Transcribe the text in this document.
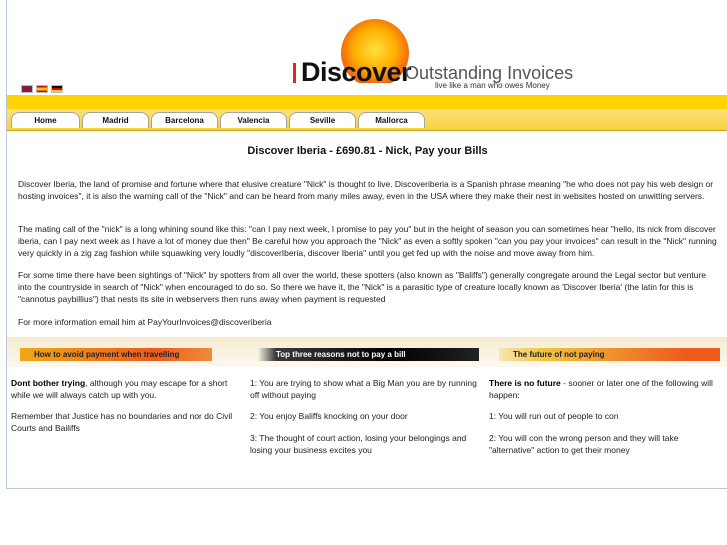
Discover
Outstanding Invoices
live like a man who owes Money
Home	Madrid	Barcelona	Valencia	Seville	Mallorca
Discover Iberia - £690.81 - Nick, Pay your Bills

Discover Iberia, the land of promise and fortune where that elusive creature "Nick" is thought to live. Discoveriberia is a Spanish phrase meaning "he who does not pay his web design or hosting invoices", it is also the warning call of the "Nick" and can be heard from many miles away, even in the USA where they make their nest in websites hosted on unwitting servers.

The mating call of the "nick" is a long whining sound like this: "can I pay next week, I promise to pay you" but in the height of season you can sometimes hear "hello, its nick from discover iberia, can I pay next week as I have a lot of money due then" Be careful how you approach the "Nick" as even a softly spoken "can you pay your invoices" can result in the "Nick" running very quickly in a zig zag fashion while squawking very loudly "discoverIberia, discover Iberia" until you get fed up with the noise and move away from him.

For some time there have been sightings of "Nick" by spotters from all over the world, these spotters (also known as "Baliffs") generally congregate around the Legal sector but venture into the countryside in search of "Nick" when encouraged to do so. So there we have it, the "Nick" is a parasitic type of creature locally known as 'Discover Iberia' (the latin for this is "cannotus paybillius") that nests its site in webservers then runs away when payment is requested

For more information email him at PayYourInvoices@discoveriberia

How to avoid payment when travelling	Top three reasons not to pay a bill	The future of not paying

Dont bother trying, although you may escape for a short while we will always catch up with you.

Remember that Justice has no boundaries and nor do Civil Courts and Bailiffs

1: You are trying to show what a Big Man you are by running off without paying

2: You enjoy Baliffs knocking on your door

3: The thought of court action, losing your belongings and losing your business excites you

There is no future - sooner or later one of the following will happen:

1: You will run out of people to con

2: You will con the wrong person and they will take "alternative" action to get their money
